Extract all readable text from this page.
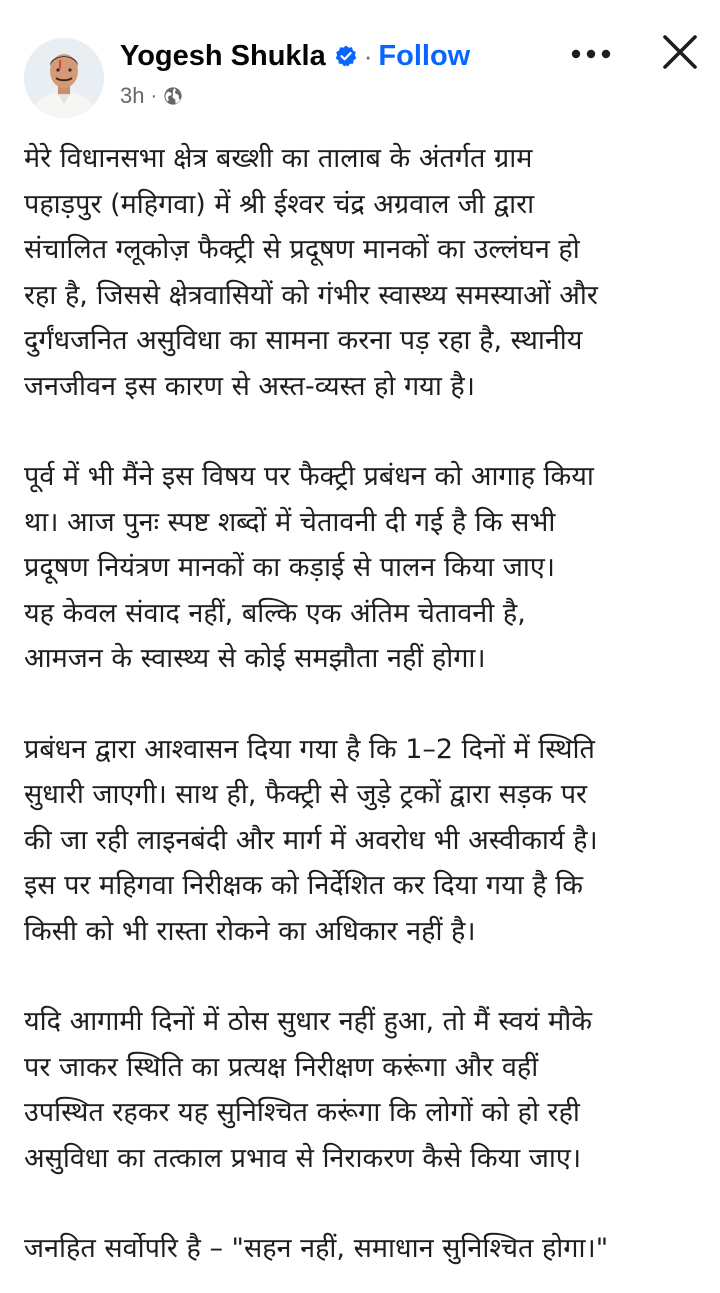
Yogesh Shukla · Follow
3h ·

मेरे विधानसभा क्षेत्र बख्शी का तालाब के अंतर्गत ग्राम
पहाड़पुर (महिगवा) में श्री ईश्वर चंद्र अग्रवाल जी द्वारा
संचालित ग्लूकोज़ फैक्ट्री से प्रदूषण मानकों का उल्लंघन हो
रहा है, जिससे क्षेत्रवासियों को गंभीर स्वास्थ्य समस्याओं और
दुर्गंधजनित असुविधा का सामना करना पड़ रहा है, स्थानीय
जनजीवन इस कारण से अस्त-व्यस्त हो गया है।

पूर्व में भी मैंने इस विषय पर फैक्ट्री प्रबंधन को आगाह किया
था। आज पुनः स्पष्ट शब्दों में चेतावनी दी गई है कि सभी
प्रदूषण नियंत्रण मानकों का कड़ाई से पालन किया जाए।
यह केवल संवाद नहीं, बल्कि एक अंतिम चेतावनी है,
आमजन के स्वास्थ्य से कोई समझौता नहीं होगा।

प्रबंधन द्वारा आश्वासन दिया गया है कि 1–2 दिनों में स्थिति
सुधारी जाएगी। साथ ही, फैक्ट्री से जुड़े ट्रकों द्वारा सड़क पर
की जा रही लाइनबंदी और मार्ग में अवरोध भी अस्वीकार्य है।
इस पर महिगवा निरीक्षक को निर्देशित कर दिया गया है कि
किसी को भी रास्ता रोकने का अधिकार नहीं है।

यदि आगामी दिनों में ठोस सुधार नहीं हुआ, तो मैं स्वयं मौके
पर जाकर स्थिति का प्रत्यक्ष निरीक्षण करूंगा और वहीं
उपस्थित रहकर यह सुनिश्चित करूंगा कि लोगों को हो रही
असुविधा का तत्काल प्रभाव से निराकरण कैसे किया जाए।

जनहित सर्वोपरि है – "सहन नहीं, समाधान सुनिश्चित होगा।"
